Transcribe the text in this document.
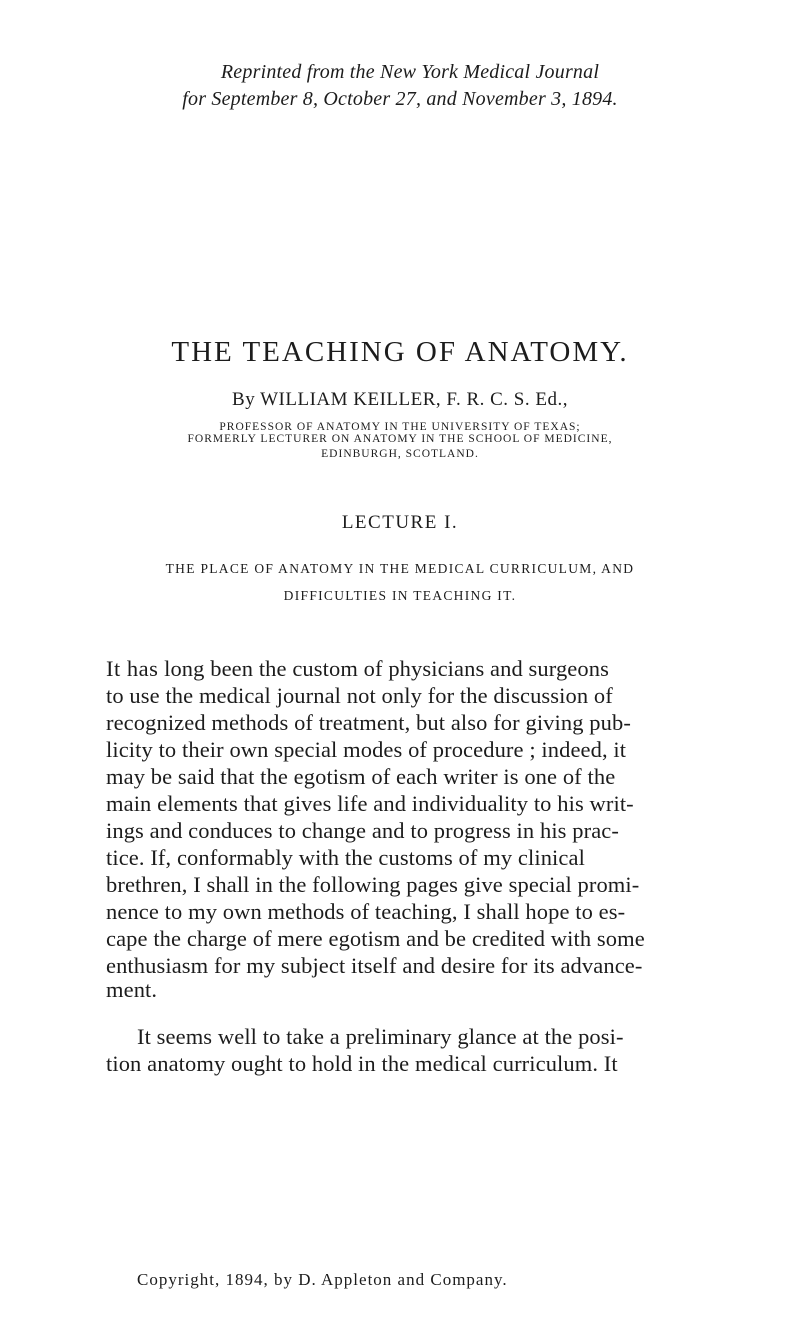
Reprinted from the New York Medical Journal
for September 8, October 27, and November 3, 1894.
THE TEACHING OF ANATOMY.
By WILLIAM KEILLER, F. R. C. S. Ed.,
PROFESSOR OF ANATOMY IN THE UNIVERSITY OF TEXAS;
FORMERLY LECTURER ON ANATOMY IN THE SCHOOL OF MEDICINE,
EDINBURGH, SCOTLAND.
LECTURE I.
THE PLACE OF ANATOMY IN THE MEDICAL CURRICULUM, AND
DIFFICULTIES IN TEACHING IT.
It has long been the custom of physicians and surgeons
to use the medical journal not only for the discussion of
recognized methods of treatment, but also for giving pub-
licity to their own special modes of procedure ; indeed, it
may be said that the egotism of each writer is one of the
main elements that gives life and individuality to his writ-
ings and conduces to change and to progress in his prac-
tice. If, conformably with the customs of my clinical
brethren, I shall in the following pages give special promi-
nence to my own methods of teaching, I shall hope to es-
cape the charge of mere egotism and be credited with some
enthusiasm for my subject itself and desire for its advance-
ment.
It seems well to take a preliminary glance at the posi-
tion anatomy ought to hold in the medical curriculum. It
Copyright, 1894, by D. Appleton and Company.
